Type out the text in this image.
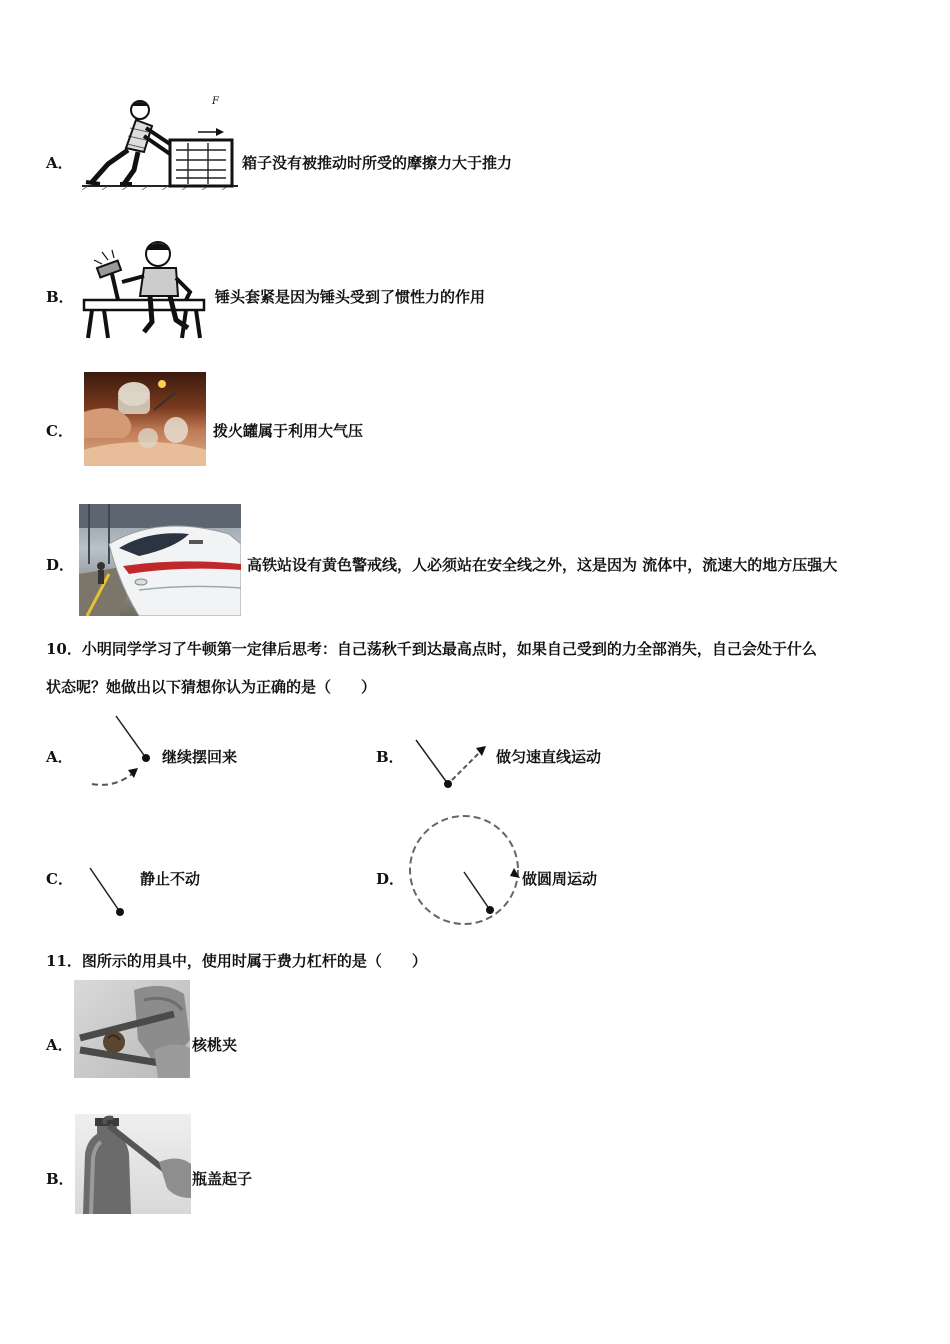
A．
F
箱子没有被推动时所受的摩擦力大于推力
B．	锤头套紧是因为锤头受到了惯性力的作用
C．	拨火罐属于利用大气压
D．	高铁站设有黄色警戒线，人必须站在安全线之外，这是因为 流体中，流速大的地方压强大
10．小明同学学习了牛顿第一定律后思考：自己荡秋千到达最高点时，如果自己受到的力全部消失，自己会处于什么
状态呢？她做出以下猜想你认为正确的是（　　）
A．	继续摆回来	B．	做匀速直线运动
C．	静止不动	D．	做圆周运动
11．图所示的用具中，使用时属于费力杠杆的是（　　）
A．	核桃夹
B．	瓶盖起子
